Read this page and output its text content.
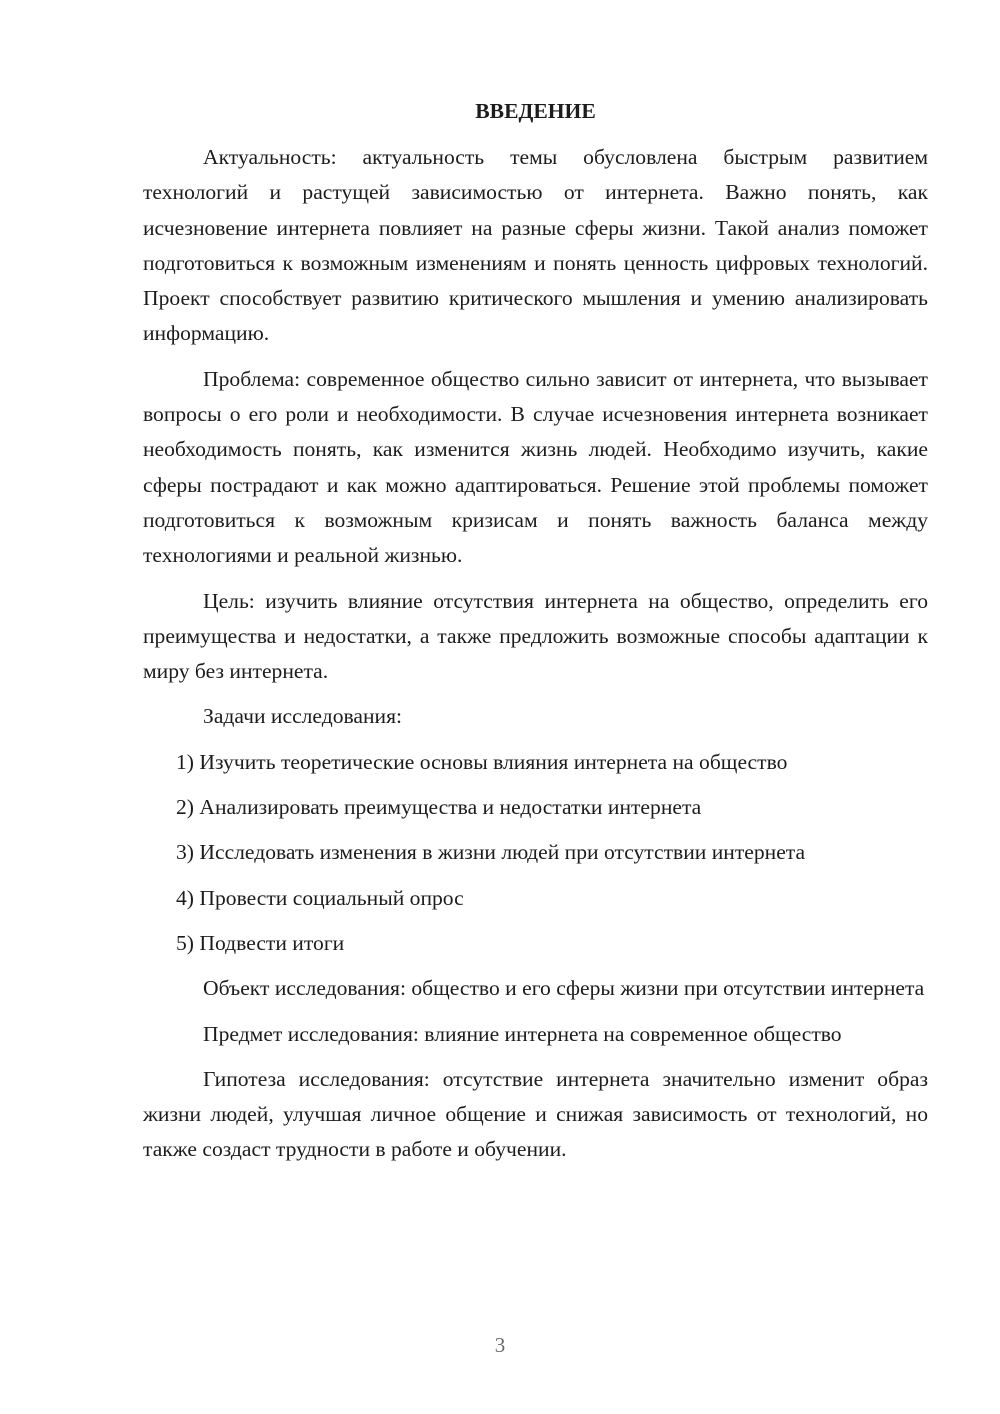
ВВЕДЕНИЕ

Актуальность: актуальность темы обусловлена быстрым развитием технологий и растущей зависимостью от интернета. Важно понять, как исчезновение интернета повлияет на разные сферы жизни. Такой анализ поможет подготовиться к возможным изменениям и понять ценность цифровых технологий. Проект способствует развитию критического мышления и умению анализировать информацию.

Проблема: современное общество сильно зависит от интернета, что вызывает вопросы о его роли и необходимости. В случае исчезновения интернета возникает необходимость понять, как изменится жизнь людей. Необходимо изучить, какие сферы пострадают и как можно адаптироваться. Решение этой проблемы поможет подготовиться к возможным кризисам и понять важность баланса между технологиями и реальной жизнью.

Цель: изучить влияние отсутствия интернета на общество, определить его преимущества и недостатки, а также предложить возможные способы адаптации к миру без интернета.

Задачи исследования:

1) Изучить теоретические основы влияния интернета на общество
2) Анализировать преимущества и недостатки интернета
3) Исследовать изменения в жизни людей при отсутствии интернета
4) Провести социальный опрос
5) Подвести итоги

Объект исследования: общество и его сферы жизни при отсутствии интернета

Предмет исследования: влияние интернета на современное общество

Гипотеза исследования: отсутствие интернета значительно изменит образ жизни людей, улучшая личное общение и снижая зависимость от технологий, но также создаст трудности в работе и обучении.

3
